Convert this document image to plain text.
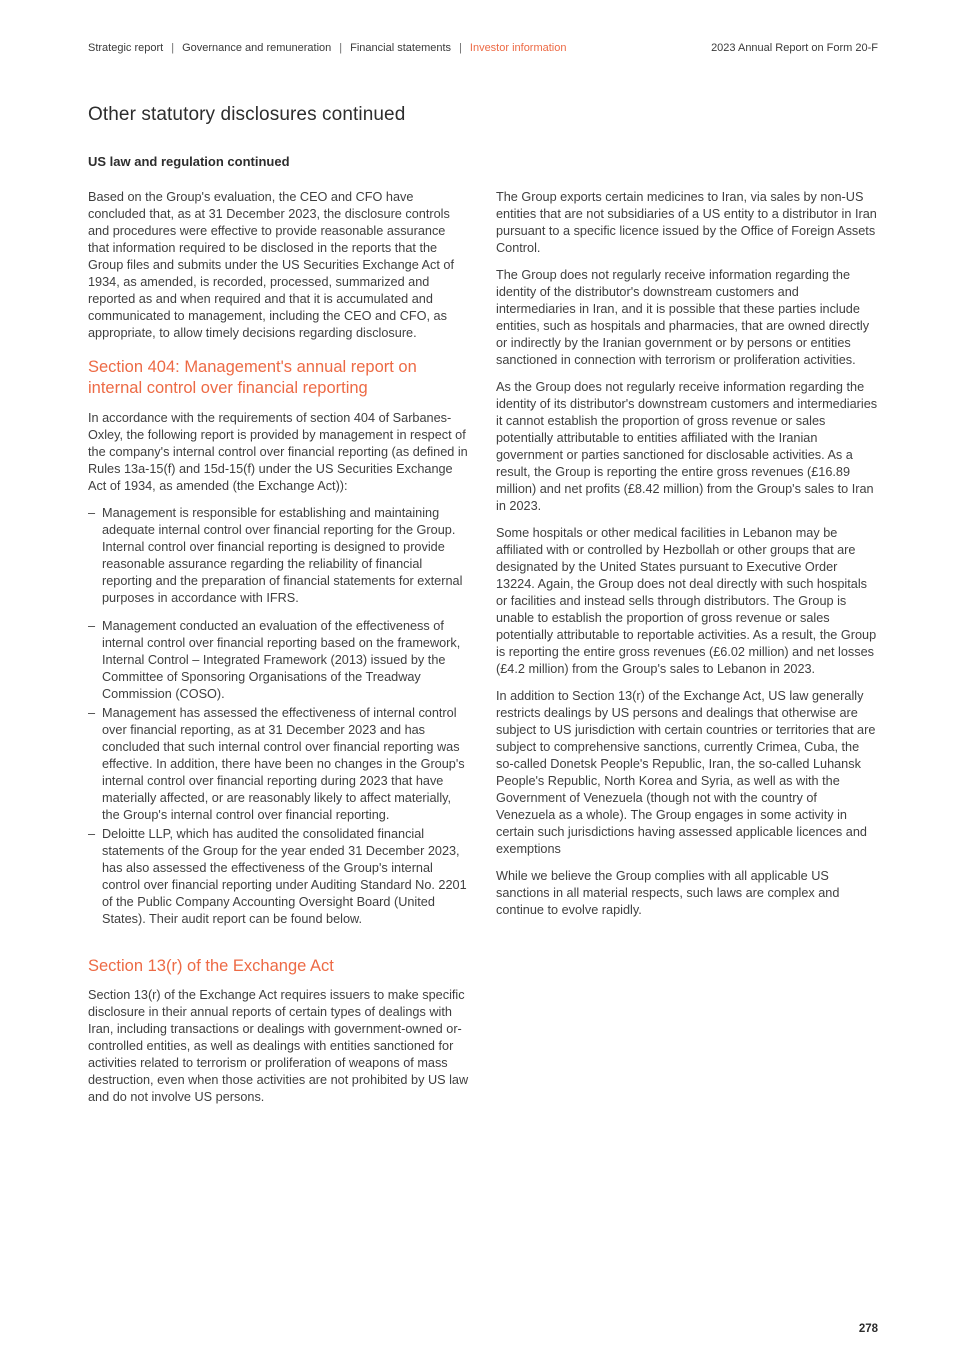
Strategic report | Governance and remuneration | Financial statements | Investor information	2023 Annual Report on Form 20-F
Other statutory disclosures continued
US law and regulation continued

Based on the Group's evaluation, the CEO and CFO have concluded that, as at 31 December 2023, the disclosure controls and procedures were effective to provide reasonable assurance that information required to be disclosed in the reports that the Group files and submits under the US Securities Exchange Act of 1934, as amended, is recorded, processed, summarized and reported as and when required and that it is accumulated and communicated to management, including the CEO and CFO, as appropriate, to allow timely decisions regarding disclosure.

Section 404: Management's annual report on internal control over financial reporting

In accordance with the requirements of section 404 of Sarbanes-Oxley, the following report is provided by management in respect of the company's internal control over financial reporting (as defined in Rules 13a-15(f) and 15d-15(f) under the US Securities Exchange Act of 1934, as amended (the Exchange Act)):

– Management is responsible for establishing and maintaining adequate internal control over financial reporting for the Group. Internal control over financial reporting is designed to provide reasonable assurance regarding the reliability of financial reporting and the preparation of financial statements for external purposes in accordance with IFRS.
– Management conducted an evaluation of the effectiveness of internal control over financial reporting based on the framework, Internal Control – Integrated Framework (2013) issued by the Committee of Sponsoring Organisations of the Treadway Commission (COSO).
– Management has assessed the effectiveness of internal control over financial reporting, as at 31 December 2023 and has concluded that such internal control over financial reporting was effective. In addition, there have been no changes in the Group's internal control over financial reporting during 2023 that have materially affected, or are reasonably likely to affect materially, the Group's internal control over financial reporting.
– Deloitte LLP, which has audited the consolidated financial statements of the Group for the year ended 31 December 2023, has also assessed the effectiveness of the Group's internal control over financial reporting under Auditing Standard No. 2201 of the Public Company Accounting Oversight Board (United States). Their audit report can be found below.
Section 13(r) of the Exchange Act

Section 13(r) of the Exchange Act requires issuers to make specific disclosure in their annual reports of certain types of dealings with Iran, including transactions or dealings with government-owned or-controlled entities, as well as dealings with entities sanctioned for activities related to terrorism or proliferation of weapons of mass destruction, even when those activities are not prohibited by US law and do not involve US persons.

The Group exports certain medicines to Iran, via sales by non-US entities that are not subsidiaries of a US entity to a distributor in Iran pursuant to a specific licence issued by the Office of Foreign Assets Control.

The Group does not regularly receive information regarding the identity of the distributor's downstream customers and intermediaries in Iran, and it is possible that these parties include entities, such as hospitals and pharmacies, that are owned directly or indirectly by the Iranian government or by persons or entities sanctioned in connection with terrorism or proliferation activities.

As the Group does not regularly receive information regarding the identity of its distributor's downstream customers and intermediaries it cannot establish the proportion of gross revenue or sales potentially attributable to entities affiliated with the Iranian government or parties sanctioned for disclosable activities. As a result, the Group is reporting the entire gross revenues (£16.89 million) and net profits (£8.42 million) from the Group's sales to Iran in 2023.

Some hospitals or other medical facilities in Lebanon may be affiliated with or controlled by Hezbollah or other groups that are designated by the United States pursuant to Executive Order 13224. Again, the Group does not deal directly with such hospitals or facilities and instead sells through distributors. The Group is unable to establish the proportion of gross revenue or sales potentially attributable to reportable activities. As a result, the Group is reporting the entire gross revenues (£6.02 million) and net losses (£4.2 million) from the Group's sales to Lebanon in 2023.

In addition to Section 13(r) of the Exchange Act, US law generally restricts dealings by US persons and dealings that otherwise are subject to US jurisdiction with certain countries or territories that are subject to comprehensive sanctions, currently Crimea, Cuba, the so-called Donetsk People's Republic, Iran, the so-called Luhansk People's Republic, North Korea and Syria, as well as with the Government of Venezuela (though not with the country of Venezuela as a whole). The Group engages in some activity in certain such jurisdictions having assessed applicable licences and exemptions

While we believe the Group complies with all applicable US sanctions in all material respects, such laws are complex and continue to evolve rapidly.

278
